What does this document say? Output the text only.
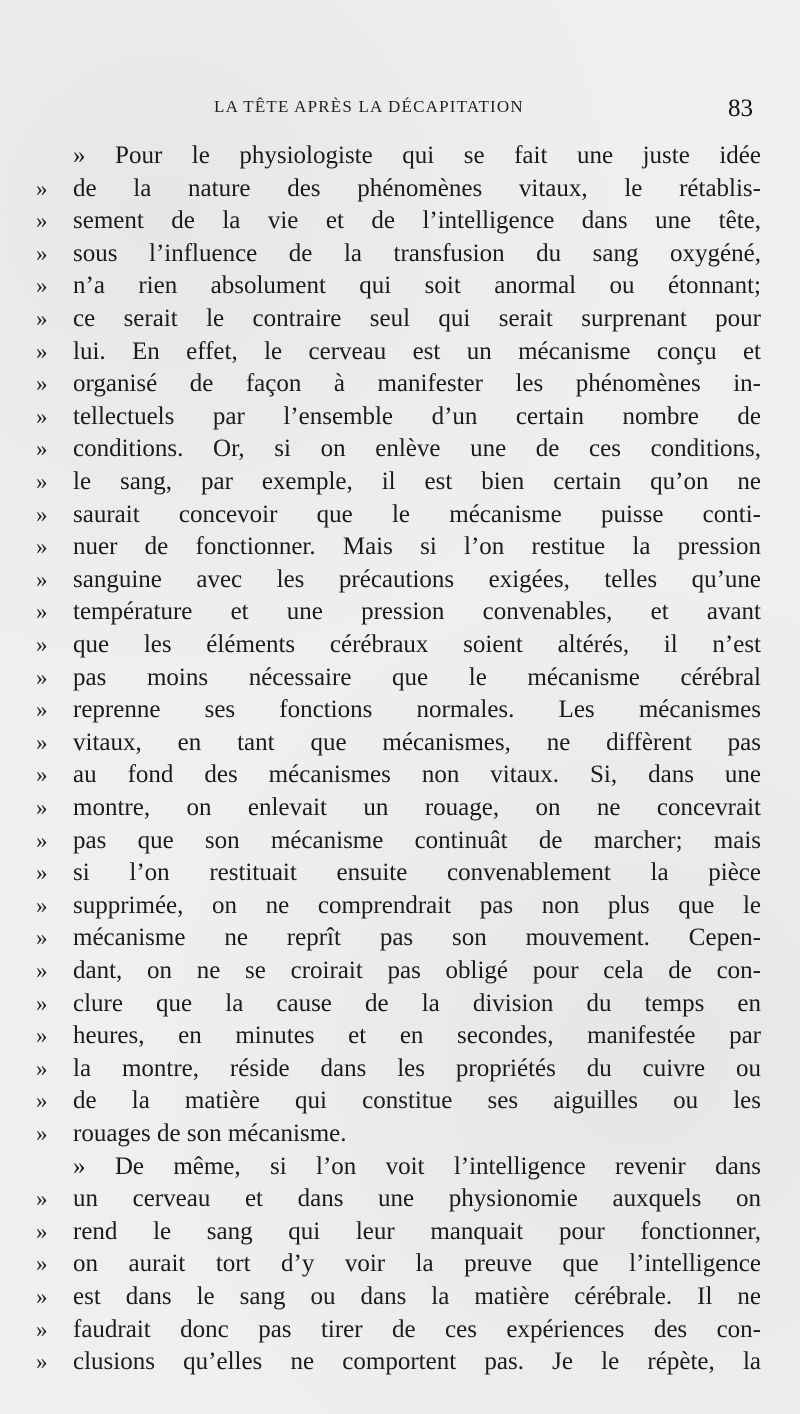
LA TÊTE APRÈS LA DÉCAPITATION	83
» Pour le physiologiste qui se fait une juste idée
»	de la nature des phénomènes vitaux, le rétablis-
»	sement de la vie et de l’intelligence dans une tête,
»	sous l’influence de la transfusion du sang oxygéné,
»	n’a rien absolument qui soit anormal ou étonnant;
»	ce serait le contraire seul qui serait surprenant pour
»	lui. En effet, le cerveau est un mécanisme conçu et
»	organisé de façon à manifester les phénomènes in-
»	tellectuels par l’ensemble d’un certain nombre de
»	conditions. Or, si on enlève une de ces conditions,
»	le sang, par exemple, il est bien certain qu’on ne
»	saurait concevoir que le mécanisme puisse conti-
»	nuer de fonctionner. Mais si l’on restitue la pression
»	sanguine avec les précautions exigées, telles qu’une
»	température et une pression convenables, et avant
»	que les éléments cérébraux soient altérés, il n’est
»	pas moins nécessaire que le mécanisme cérébral
»	reprenne ses fonctions normales. Les mécanismes
»	vitaux, en tant que mécanismes, ne diffèrent pas
»	au fond des mécanismes non vitaux. Si, dans une
»	montre, on enlevait un rouage, on ne concevrait
»	pas que son mécanisme continuât de marcher; mais
»	si l’on restituait ensuite convenablement la pièce
»	supprimée, on ne comprendrait pas non plus que le
»	mécanisme ne reprît pas son mouvement. Cepen-
»	dant, on ne se croirait pas obligé pour cela de con-
»	clure que la cause de la division du temps en
»	heures, en minutes et en secondes, manifestée par
»	la montre, réside dans les propriétés du cuivre ou
»	de la matière qui constitue ses aiguilles ou les
»	rouages de son mécanisme.
» De même, si l’on voit l’intelligence revenir dans
»	un cerveau et dans une physionomie auxquels on
»	rend le sang qui leur manquait pour fonctionner,
»	on aurait tort d’y voir la preuve que l’intelligence
»	est dans le sang ou dans la matière cérébrale. Il ne
»	faudrait donc pas tirer de ces expériences des con-
»	clusions qu’elles ne comportent pas. Je le répète, la
